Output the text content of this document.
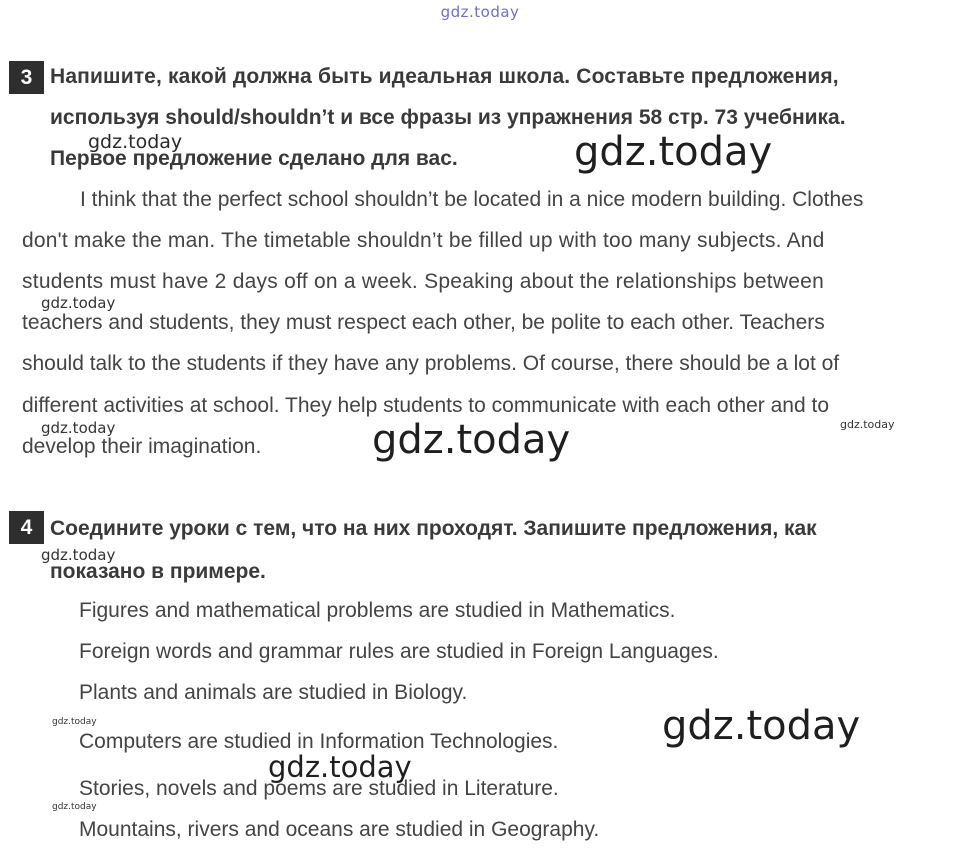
gdz.today
3 Напишите, какой должна быть идеальная школа. Составьте предложения,
используя should/shouldn’t и все фразы из упражнения 58 стр. 73 учебника.
Первое предложение сделано для вас.
I think that the perfect school shouldn’t be located in a nice modern building. Clothes
don't make the man. The timetable shouldn’t be filled up with too many subjects. And
students must have 2 days off on a week. Speaking about the relationships between
teachers and students, they must respect each other, be polite to each other. Teachers
should talk to the students if they have any problems. Of course, there should be a lot of
different activities at school. They help students to communicate with each other and to
develop their imagination.
4 Соедините уроки с тем, что на них проходят. Запишите предложения, как
показано в примере.
Figures and mathematical problems are studied in Mathematics.
Foreign words and grammar rules are studied in Foreign Languages.
Plants and animals are studied in Biology.
Computers are studied in Information Technologies.
Stories, novels and poems are studied in Literature.
Mountains, rivers and oceans are studied in Geography.
gdz.today	gdz.today
gdz.today
gdz.today	gdz.today	gdz.today
gdz.today
gdz.today	gdz.today
gdz.today
gdz.today
